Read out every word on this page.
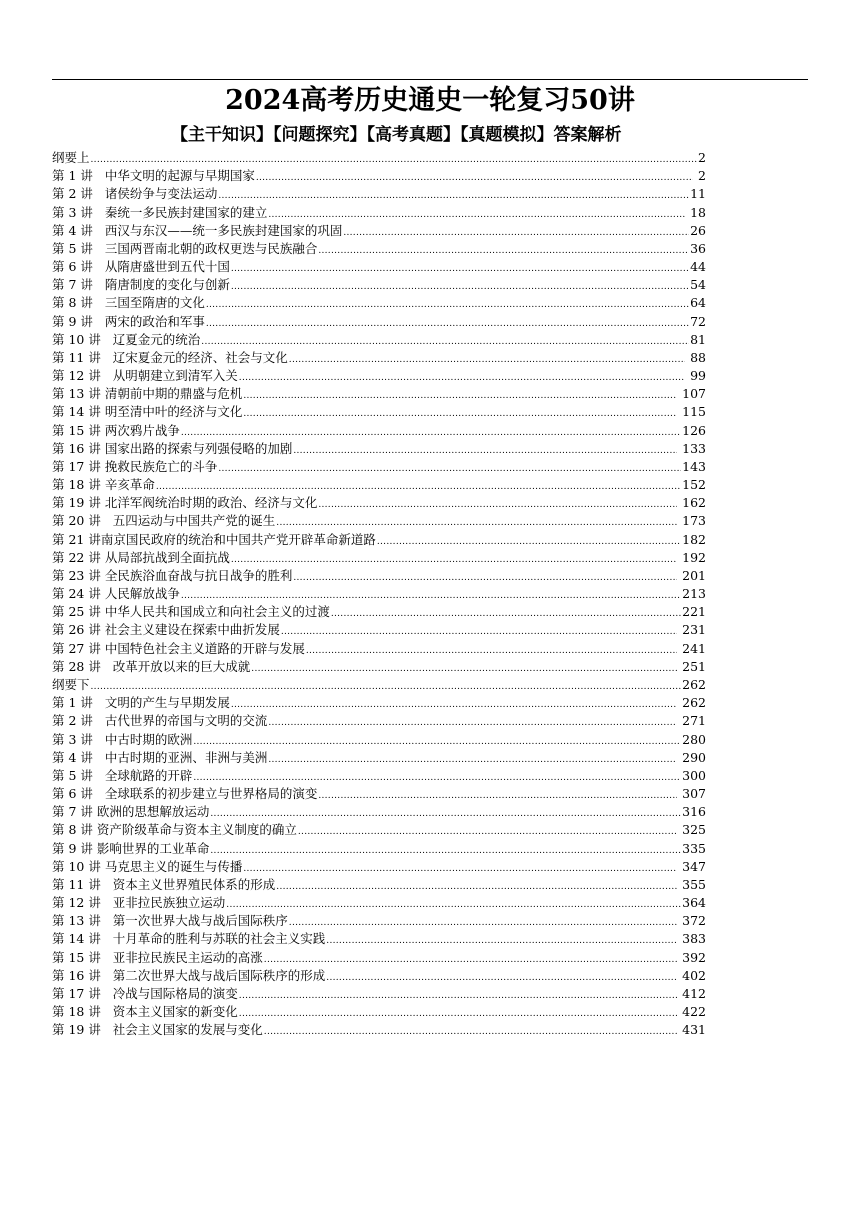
2024高考历史通史一轮复习50讲
【主干知识】【问题探究】【高考真题】【真题模拟】答案解析
纲要上 .....	2
第 1 讲   中华文明的起源与早期国家 .....	2
第 2 讲   诸侯纷争与变法运动 .....	11
第 3 讲   秦统一多民族封建国家的建立 .....	18
第 4 讲   西汉与东汉——统一多民族封建国家的巩固 .....	26
第 5 讲   三国两晋南北朝的政权更迭与民族融合 .....	36
第 6 讲   从隋唐盛世到五代十国 .....	44
第 7 讲   隋唐制度的变化与创新 .....	54
第 8 讲   三国至隋唐的文化 .....	64
第 9 讲   两宋的政治和军事 .....	72
第 10 讲   辽夏金元的统治 .....	81
第 11 讲   辽宋夏金元的经济、社会与文化 .....	88
第 12 讲   从明朝建立到清军入关 .....	99
第 13 讲 清朝前中期的鼎盛与危机 .....	107
第 14 讲 明至清中叶的经济与文化 .....	115
第 15 讲 两次鸦片战争 .....	126
第 16 讲 国家出路的探索与列强侵略的加剧 .....	133
第 17 讲 挽救民族危亡的斗争 .....	143
第 18 讲 辛亥革命 .....	152
第 19 讲 北洋军阀统治时期的政治、经济与文化 .....	162
第 20 讲   五四运动与中国共产党的诞生 .....	173
第 21 讲南京国民政府的统治和中国共产党开辟革命新道路 .....	182
第 22 讲 从局部抗战到全面抗战 .....	192
第 23 讲 全民族浴血奋战与抗日战争的胜利 .....	201
第 24 讲 人民解放战争 .....	213
第 25 讲 中华人民共和国成立和向社会主义的过渡 .....	221
第 26 讲 社会主义建设在探索中曲折发展 .....	231
第 27 讲 中国特色社会主义道路的开辟与发展 .....	241
第 28 讲   改革开放以来的巨大成就 .....	251
纲要下 .....	262
第 1 讲   文明的产生与早期发展 .....	262
第 2 讲   古代世界的帝国与文明的交流 .....	271
第 3 讲   中古时期的欧洲 .....	280
第 4 讲   中古时期的亚洲、非洲与美洲 .....	290
第 5 讲   全球航路的开辟 .....	300
第 6 讲   全球联系的初步建立与世界格局的演变 .....	307
第 7 讲 欧洲的思想解放运动 .....	316
第 8 讲 资产阶级革命与资本主义制度的确立 .....	325
第 9 讲 影响世界的工业革命 .....	335
第 10 讲 马克思主义的诞生与传播 .....	347
第 11 讲   资本主义世界殖民体系的形成 .....	355
第 12 讲   亚非拉民族独立运动 .....	364
第 13 讲   第一次世界大战与战后国际秩序 .....	372
第 14 讲   十月革命的胜利与苏联的社会主义实践 .....	383
第 15 讲   亚非拉民族民主运动的高涨 .....	392
第 16 讲   第二次世界大战与战后国际秩序的形成 .....	402
第 17 讲   冷战与国际格局的演变 .....	412
第 18 讲   资本主义国家的新变化 .....	422
第 19 讲   社会主义国家的发展与变化 .....	431
